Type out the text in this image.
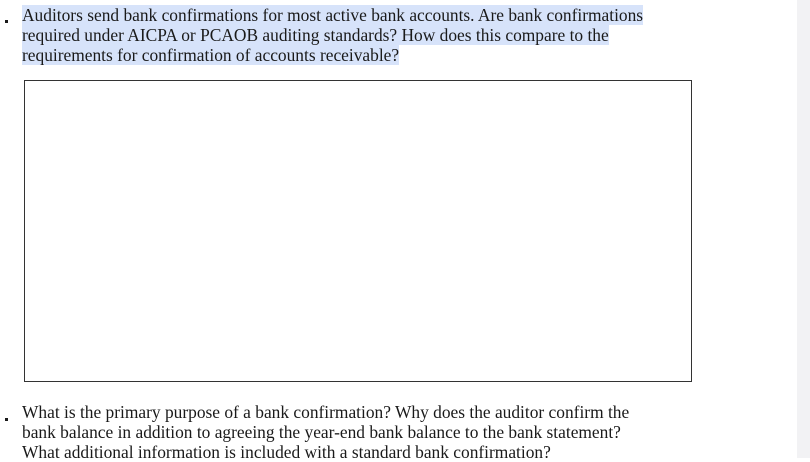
Auditors send bank confirmations for most active bank accounts. Are bank confirmations
required under AICPA or PCAOB auditing standards? How does this compare to the
requirements for confirmation of accounts receivable?

What is the primary purpose of a bank confirmation? Why does the auditor confirm the
bank balance in addition to agreeing the year-end bank balance to the bank statement?
What additional information is included with a standard bank confirmation?
